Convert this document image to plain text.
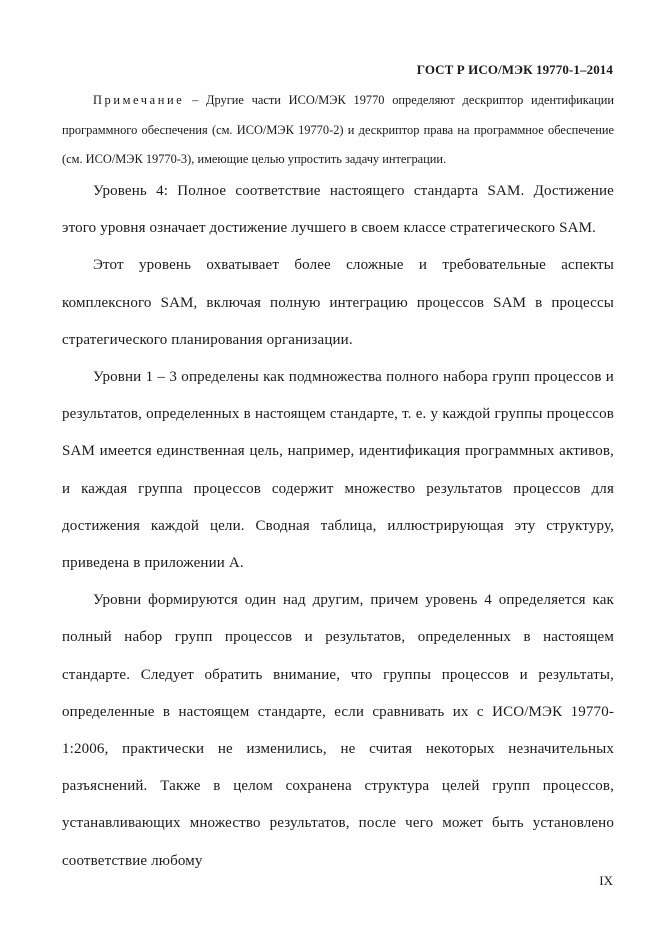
ГОСТ Р ИСО/МЭК 19770-1–2014

Примечание – Другие части ИСО/МЭК 19770 определяют дескриптор идентификации программного обеспечения (см. ИСО/МЭК 19770-2) и дескриптор права на программное обеспечение (см. ИСО/МЭК 19770-3), имеющие целью упростить задачу интеграции.

Уровень 4: Полное соответствие настоящего стандарта SAM. Достижение этого уровня означает достижение лучшего в своем классе стратегического SAM.

Этот уровень охватывает более сложные и требовательные аспекты комплексного SAM, включая полную интеграцию процессов SAM в процессы стратегического планирования организации.

Уровни 1 – 3 определены как подмножества полного набора групп процессов и результатов, определенных в настоящем стандарте, т. е. у каждой группы процессов SAM имеется единственная цель, например, идентификация программных активов, и каждая группа процессов содержит множество результатов процессов для достижения каждой цели. Сводная таблица, иллюстрирующая эту структуру, приведена в приложении А.

Уровни формируются один над другим, причем уровень 4 определяется как полный набор групп процессов и результатов, определенных в настоящем стандарте. Следует обратить внимание, что группы процессов и результаты, определенные в настоящем стандарте, если сравнивать их с ИСО/МЭК 19770-1:2006, практически не изменились, не считая некоторых незначительных разъяснений. Также в целом сохранена структура целей групп процессов, устанавливающих множество результатов, после чего может быть установлено соответствие любому

IX
